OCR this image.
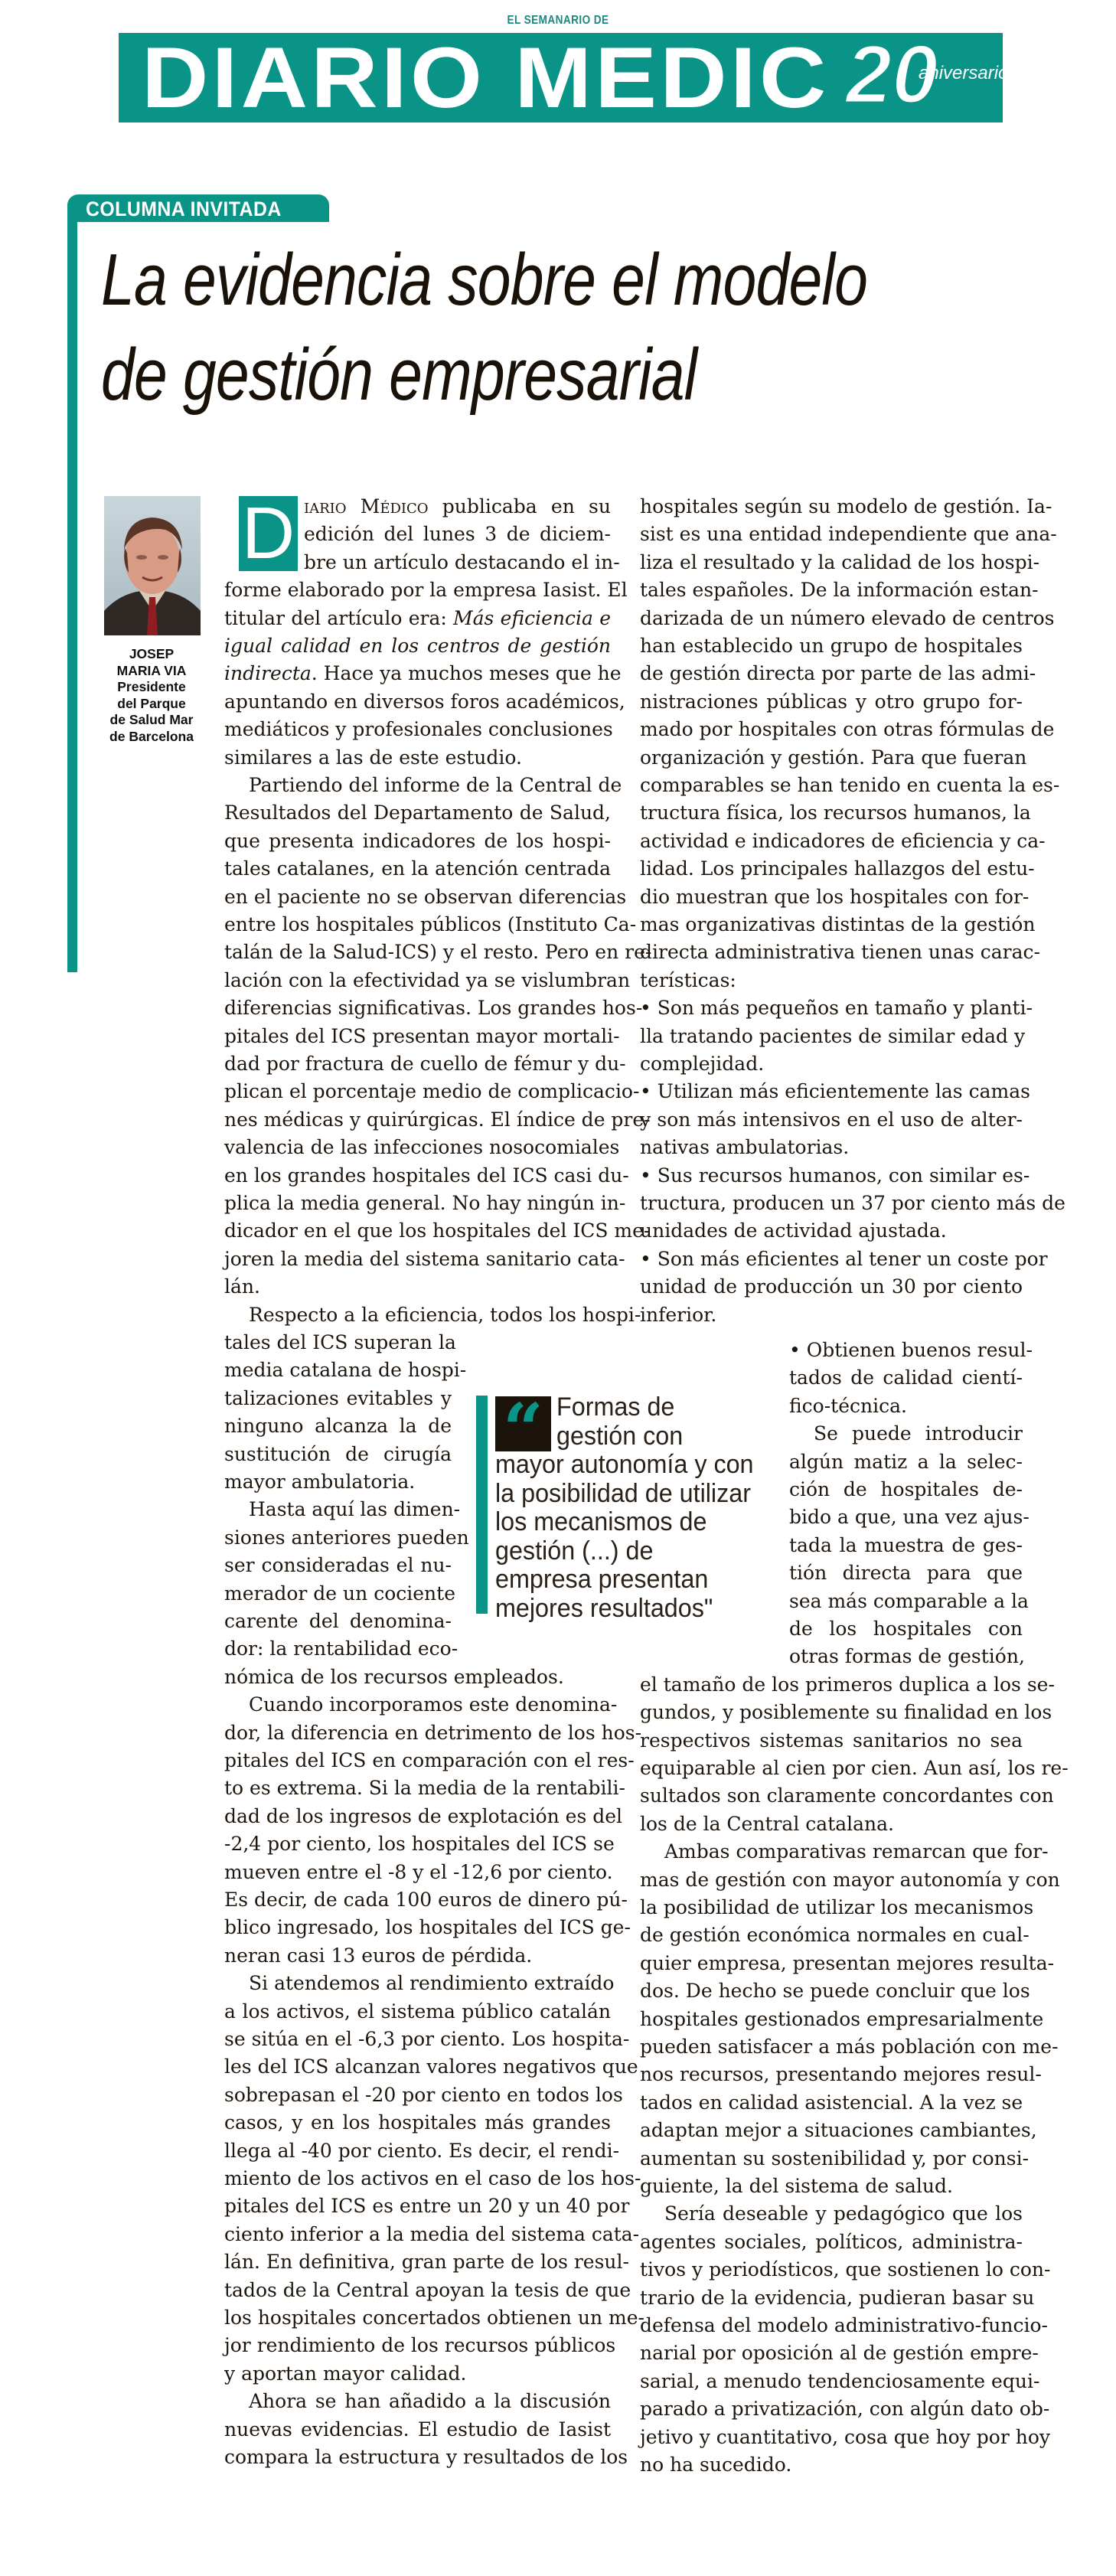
EL SEMANARIO DE
DIARIO MEDIC 20
aniversario
COLUMNA INVITADA
La evidencia sobre el modelo
de gestión empresarial
JOSEP
MARIA VIA
Presidente
del Parque
de Salud Mar
de Barcelona
D iario Médico publicaba en su
edición del lunes 3 de diciem-
bre un artículo destacando el in-
forme elaborado por la empresa Iasist. El
titular del artículo era: Más eficiencia e
igual calidad en los centros de gestión
indirecta. Hace ya muchos meses que he
apuntando en diversos foros académicos,
mediáticos y profesionales conclusiones
similares a las de este estudio.
Partiendo del informe de la Central de
Resultados del Departamento de Salud,
que presenta indicadores de los hospi-
tales catalanes, en la atención centrada
en el paciente no se observan diferencias
entre los hospitales públicos (Instituto Ca-
talán de la Salud-ICS) y el resto. Pero en re-
lación con la efectividad ya se vislumbran
diferencias significativas. Los grandes hos-
pitales del ICS presentan mayor mortali-
dad por fractura de cuello de fémur y du-
plican el porcentaje medio de complicacio-
nes médicas y quirúrgicas. El índice de pre-
valencia de las infecciones nosocomiales
en los grandes hospitales del ICS casi du-
plica la media general. No hay ningún in-
dicador en el que los hospitales del ICS me-
joren la media del sistema sanitario cata-
lán.
Respecto a la eficiencia, todos los hospi-
tales del ICS superan la
media catalana de hospi-
talizaciones evitables y
ninguno alcanza la de
sustitución de cirugía
mayor ambulatoria.
Hasta aquí las dimen-
siones anteriores pueden
ser consideradas el nu-
merador de un cociente
carente del denomina-
dor: la rentabilidad eco-
nómica de los recursos empleados.
Cuando incorporamos este denomina-
dor, la diferencia en detrimento de los hos-
pitales del ICS en comparación con el res-
to es extrema. Si la media de la rentabili-
dad de los ingresos de explotación es del
-2,4 por ciento, los hospitales del ICS se
mueven entre el -8 y el -12,6 por ciento.
Es decir, de cada 100 euros de dinero pú-
blico ingresado, los hospitales del ICS ge-
neran casi 13 euros de pérdida.
Si atendemos al rendimiento extraído
a los activos, el sistema público catalán
se sitúa en el -6,3 por ciento. Los hospita-
les del ICS alcanzan valores negativos que
sobrepasan el -20 por ciento en todos los
casos, y en los hospitales más grandes
llega al -40 por ciento. Es decir, el rendi-
miento de los activos en el caso de los hos-
pitales del ICS es entre un 20 y un 40 por
ciento inferior a la media del sistema cata-
lán. En definitiva, gran parte de los resul-
tados de la Central apoyan la tesis de que
los hospitales concertados obtienen un me-
jor rendimiento de los recursos públicos
y aportan mayor calidad.
Ahora se han añadido a la discusión
nuevas evidencias. El estudio de Iasist
compara la estructura y resultados de los
hospitales según su modelo de gestión. Ia-
sist es una entidad independiente que ana-
liza el resultado y la calidad de los hospi-
tales españoles. De la información estan-
darizada de un número elevado de centros
han establecido un grupo de hospitales
de gestión directa por parte de las admi-
nistraciones públicas y otro grupo for-
mado por hospitales con otras fórmulas de
organización y gestión. Para que fueran
comparables se han tenido en cuenta la es-
tructura física, los recursos humanos, la
actividad e indicadores de eficiencia y ca-
lidad. Los principales hallazgos del estu-
dio muestran que los hospitales con for-
mas organizativas distintas de la gestión
directa administrativa tienen unas carac-
terísticas:
• Son más pequeños en tamaño y planti-
lla tratando pacientes de similar edad y
complejidad.
• Utilizan más eficientemente las camas
y son más intensivos en el uso de alter-
nativas ambulatorias.
• Sus recursos humanos, con similar es-
tructura, producen un 37 por ciento más de
unidades de actividad ajustada.
• Son más eficientes al tener un coste por
unidad de producción un 30 por ciento
inferior.
• Obtienen buenos resul-
tados de calidad cientí-
fico-técnica.
Se puede introducir
algún matiz a la selec-
ción de hospitales de-
bido a que, una vez ajus-
tada la muestra de ges-
tión directa para que
sea más comparable a la
de los hospitales con
otras formas de gestión,
el tamaño de los primeros duplica a los se-
gundos, y posiblemente su finalidad en los
respectivos sistemas sanitarios no sea
equiparable al cien por cien. Aun así, los re-
sultados son claramente concordantes con
los de la Central catalana.
Ambas comparativas remarcan que for-
mas de gestión con mayor autonomía y con
la posibilidad de utilizar los mecanismos
de gestión económica normales en cual-
quier empresa, presentan mejores resulta-
dos. De hecho se puede concluir que los
hospitales gestionados empresarialmente
pueden satisfacer a más población con me-
nos recursos, presentando mejores resul-
tados en calidad asistencial. A la vez se
adaptan mejor a situaciones cambiantes,
aumentan su sostenibilidad y, por consi-
guiente, la del sistema de salud.
Sería deseable y pedagógico que los
agentes sociales, políticos, administra-
tivos y periodísticos, que sostienen lo con-
trario de la evidencia, pudieran basar su
defensa del modelo administrativo-funcio-
narial por oposición al de gestión empre-
sarial, a menudo tendenciosamente equi-
parado a privatización, con algún dato ob-
jetivo y cuantitativo, cosa que hoy por hoy
no ha sucedido.
“ Formas de
gestión con
mayor autonomía y con
la posibilidad de utilizar
los mecanismos de
gestión (...) de
empresa presentan
mejores resultados"
